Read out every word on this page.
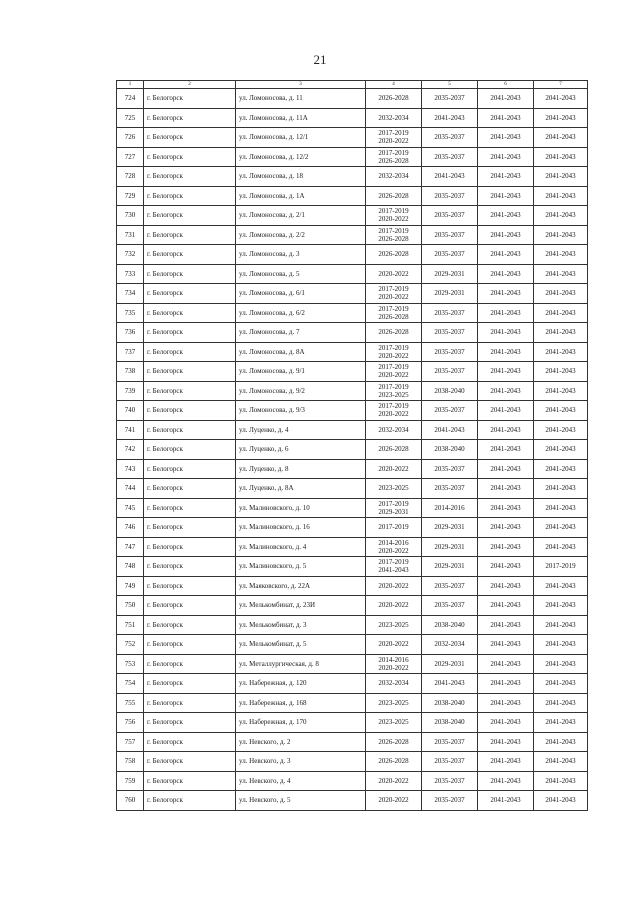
21
1	2	3	4	5	6	7
724	г. Белогорск	ул. Ломоносова, д. 11	2026-2028	2035-2037	2041-2043	2041-2043

725	г. Белогорск	ул. Ломоносова, д. 11А	2032-2034	2041-2043	2041-2043	2041-2043

726	г. Белогорск	ул. Ломоносова, д. 12/1	2017-2019
2020-2022	2035-2037	2041-2043	2041-2043

727	г. Белогорск	ул. Ломоносова, д. 12/2	2017-2019
2026-2028	2035-2037	2041-2043	2041-2043

728	г. Белогорск	ул. Ломоносова, д. 18	2032-2034	2041-2043	2041-2043	2041-2043

729	г. Белогорск	ул. Ломоносова, д. 1А	2026-2028	2035-2037	2041-2043	2041-2043

730	г. Белогорск	ул. Ломоносова, д. 2/1	2017-2019
2020-2022	2035-2037	2041-2043	2041-2043

731	г. Белогорск	ул. Ломоносова, д. 2/2	2017-2019
2026-2028	2035-2037	2041-2043	2041-2043

732	г. Белогорск	ул. Ломоносова, д. 3	2026-2028	2035-2037	2041-2043	2041-2043

733	г. Белогорск	ул. Ломоносова, д. 5	2020-2022	2029-2031	2041-2043	2041-2043

734	г. Белогорск	ул. Ломоносова, д. 6/1	2017-2019
2020-2022	2029-2031	2041-2043	2041-2043

735	г. Белогорск	ул. Ломоносова, д. 6/2	2017-2019
2026-2028	2035-2037	2041-2043	2041-2043

736	г. Белогорск	ул. Ломоносова, д. 7	2026-2028	2035-2037	2041-2043	2041-2043

737	г. Белогорск	ул. Ломоносова, д. 8А	2017-2019
2020-2022	2035-2037	2041-2043	2041-2043

738	г. Белогорск	ул. Ломоносова, д. 9/1	2017-2019
2020-2022	2035-2037	2041-2043	2041-2043

739	г. Белогорск	ул. Ломоносова, д. 9/2	2017-2019
2023-2025	2038-2040	2041-2043	2041-2043

740	г. Белогорск	ул. Ломоносова, д. 9/3	2017-2019
2020-2022	2035-2037	2041-2043	2041-2043

741	г. Белогорск	ул. Луценко, д. 4	2032-2034	2041-2043	2041-2043	2041-2043

742	г. Белогорск	ул. Луценко, д. 6	2026-2028	2038-2040	2041-2043	2041-2043

743	г. Белогорск	ул. Луценко, д. 8	2020-2022	2035-2037	2041-2043	2041-2043

744	г. Белогорск	ул. Луценко, д. 8А	2023-2025	2035-2037	2041-2043	2041-2043

745	г. Белогорск	ул. Малиновского, д. 10	2017-2019
2029-2031	2014-2016	2041-2043	2041-2043

746	г. Белогорск	ул. Малиновского, д. 16	2017-2019	2029-2031	2041-2043	2041-2043

747	г. Белогорск	ул. Малиновского, д. 4	2014-2016
2020-2022	2029-2031	2041-2043	2041-2043

748	г. Белогорск	ул. Малиновского, д. 5	2017-2019
2041-2043	2029-2031	2041-2043	2017-2019

749	г. Белогорск	ул. Маяковского, д. 22А	2020-2022	2035-2037	2041-2043	2041-2043

750	г. Белогорск	ул. Мелькомбинат, д. 23И	2020-2022	2035-2037	2041-2043	2041-2043

751	г. Белогорск	ул. Мелькомбинат, д. 3	2023-2025	2038-2040	2041-2043	2041-2043

752	г. Белогорск	ул. Мелькомбинат, д. 5	2020-2022	2032-2034	2041-2043	2041-2043

753	г. Белогорск	ул. Металлургическая, д. 8	2014-2016
2020-2022	2029-2031	2041-2043	2041-2043

754	г. Белогорск	ул. Набережная, д. 120	2032-2034	2041-2043	2041-2043	2041-2043

755	г. Белогорск	ул. Набережная, д. 168	2023-2025	2038-2040	2041-2043	2041-2043

756	г. Белогорск	ул. Набережная, д. 170	2023-2025	2038-2040	2041-2043	2041-2043

757	г. Белогорск	ул. Невского, д. 2	2026-2028	2035-2037	2041-2043	2041-2043

758	г. Белогорск	ул. Невского, д. 3	2026-2028	2035-2037	2041-2043	2041-2043

759	г. Белогорск	ул. Невского, д. 4	2020-2022	2035-2037	2041-2043	2041-2043

760	г. Белогорск	ул. Невского, д. 5	2020-2022	2035-2037	2041-2043	2041-2043
